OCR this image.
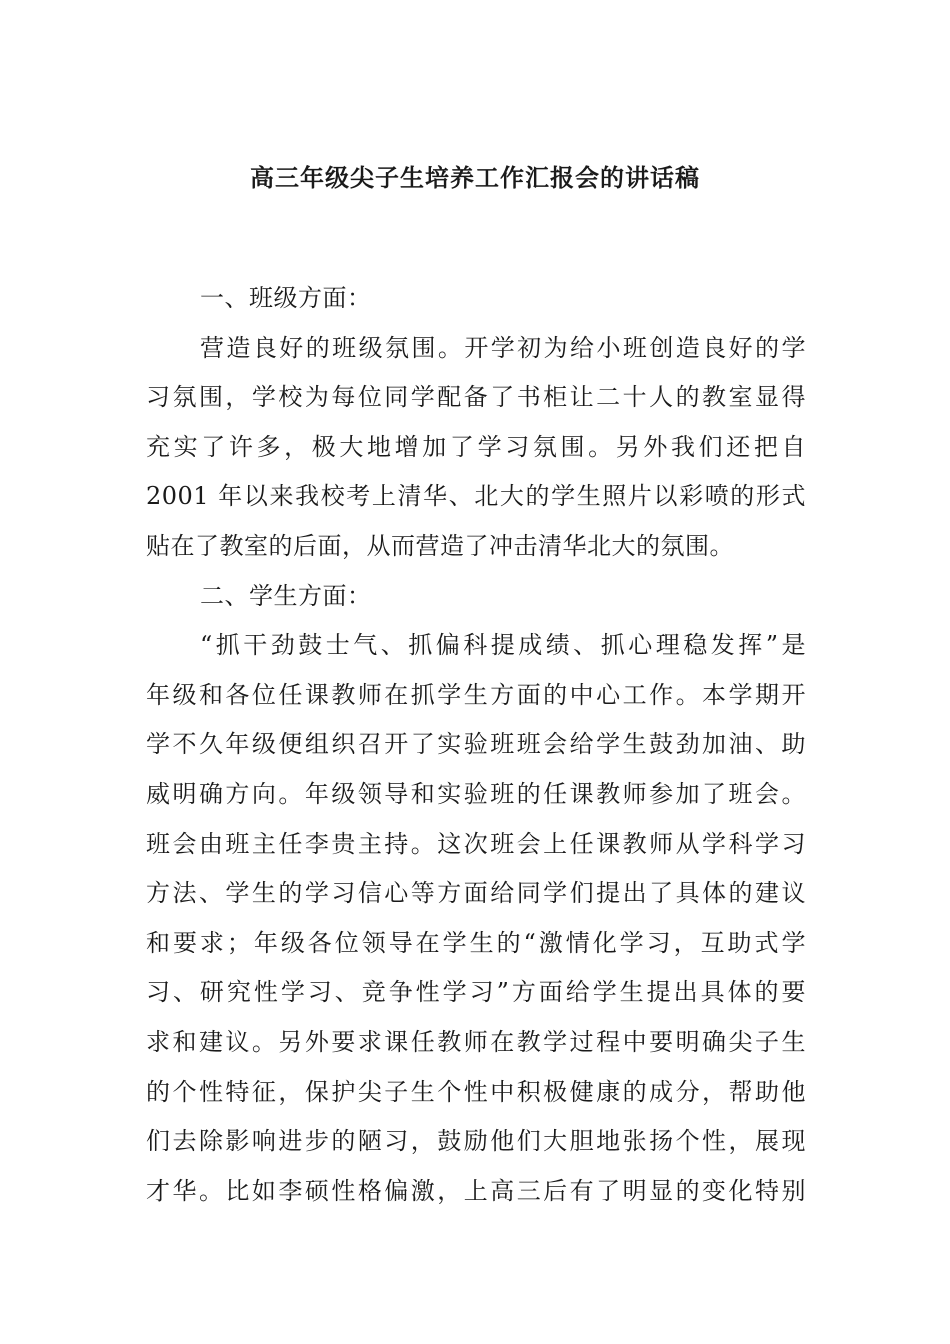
高三年级尖子生培养工作汇报会的讲话稿
一、班级方面：
营造良好的班级氛围。开学初为给小班创造良好的学
习氛围，学校为每位同学配备了书柜让二十人的教室显得
充实了许多，极大地增加了学习氛围。另外我们还把自
2001 年以来我校考上清华、北大的学生照片以彩喷的形式
贴在了教室的后面，从而营造了冲击清华北大的氛围。
二、学生方面：
“抓干劲鼓士气、抓偏科提成绩、抓心理稳发挥”是
年级和各位任课教师在抓学生方面的中心工作。本学期开
学不久年级便组织召开了实验班班会给学生鼓劲加油、助
威明确方向。年级领导和实验班的任课教师参加了班会。
班会由班主任李贵主持。这次班会上任课教师从学科学习
方法、学生的学习信心等方面给同学们提出了具体的建议
和要求；年级各位领导在学生的“激情化学习，互助式学
习、研究性学习、竞争性学习”方面给学生提出具体的要
求和建议。另外要求课任教师在教学过程中要明确尖子生
的个性特征，保护尖子生个性中积极健康的成分，帮助他
们去除影响进步的陋习，鼓励他们大胆地张扬个性，展现
才华。比如李硕性格偏激，上高三后有了明显的变化特别
